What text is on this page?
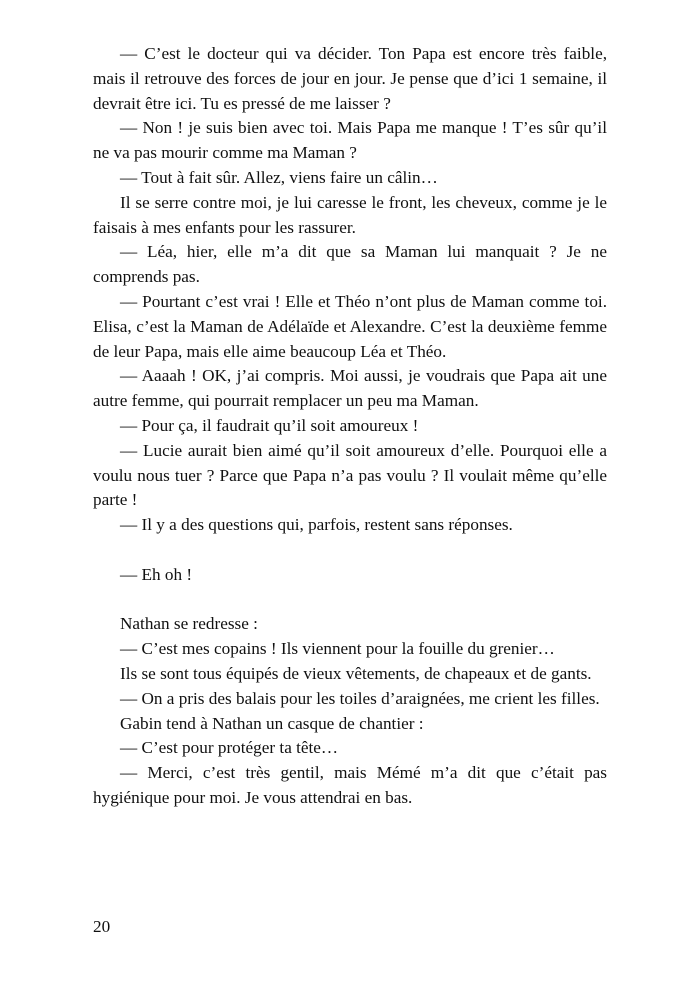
— C’est le docteur qui va décider. Ton Papa est encore très faible, mais il retrouve des forces de jour en jour. Je pense que d’ici 1 semaine, il devrait être ici. Tu es pressé de me laisser ?

— Non ! je suis bien avec toi. Mais Papa me manque ! T’es sûr qu’il ne va pas mourir comme ma Maman ?

— Tout à fait sûr. Allez, viens faire un câlin…

Il se serre contre moi, je lui caresse le front, les cheveux, comme je le faisais à mes enfants pour les rassurer.

— Léa, hier, elle m’a dit que sa Maman lui manquait ? Je ne comprends pas.

— Pourtant c’est vrai ! Elle et Théo n’ont plus de Maman comme toi. Elisa, c’est la Maman de Adélaïde et Alexandre. C’est la deuxième femme de leur Papa, mais elle aime beaucoup Léa et Théo.

— Aaaah ! OK, j’ai compris. Moi aussi, je voudrais que Papa ait une autre femme, qui pourrait remplacer un peu ma Maman.

— Pour ça, il faudrait qu’il soit amoureux !

— Lucie aurait bien aimé qu’il soit amoureux d’elle. Pourquoi elle a voulu nous tuer ? Parce que Papa n’a pas voulu ? Il voulait même qu’elle parte !

— Il y a des questions qui, parfois, restent sans réponses.

— Eh oh !

Nathan se redresse :

— C’est mes copains ! Ils viennent pour la fouille du grenier…

Ils se sont tous équipés de vieux vêtements, de chapeaux et de gants.

— On a pris des balais pour les toiles d’araignées, me crient les filles.

Gabin tend à Nathan un casque de chantier :

— C’est pour protéger ta tête…

— Merci, c’est très gentil, mais Mémé m’a dit que c’était pas hygiénique pour moi. Je vous attendrai en bas.

20
